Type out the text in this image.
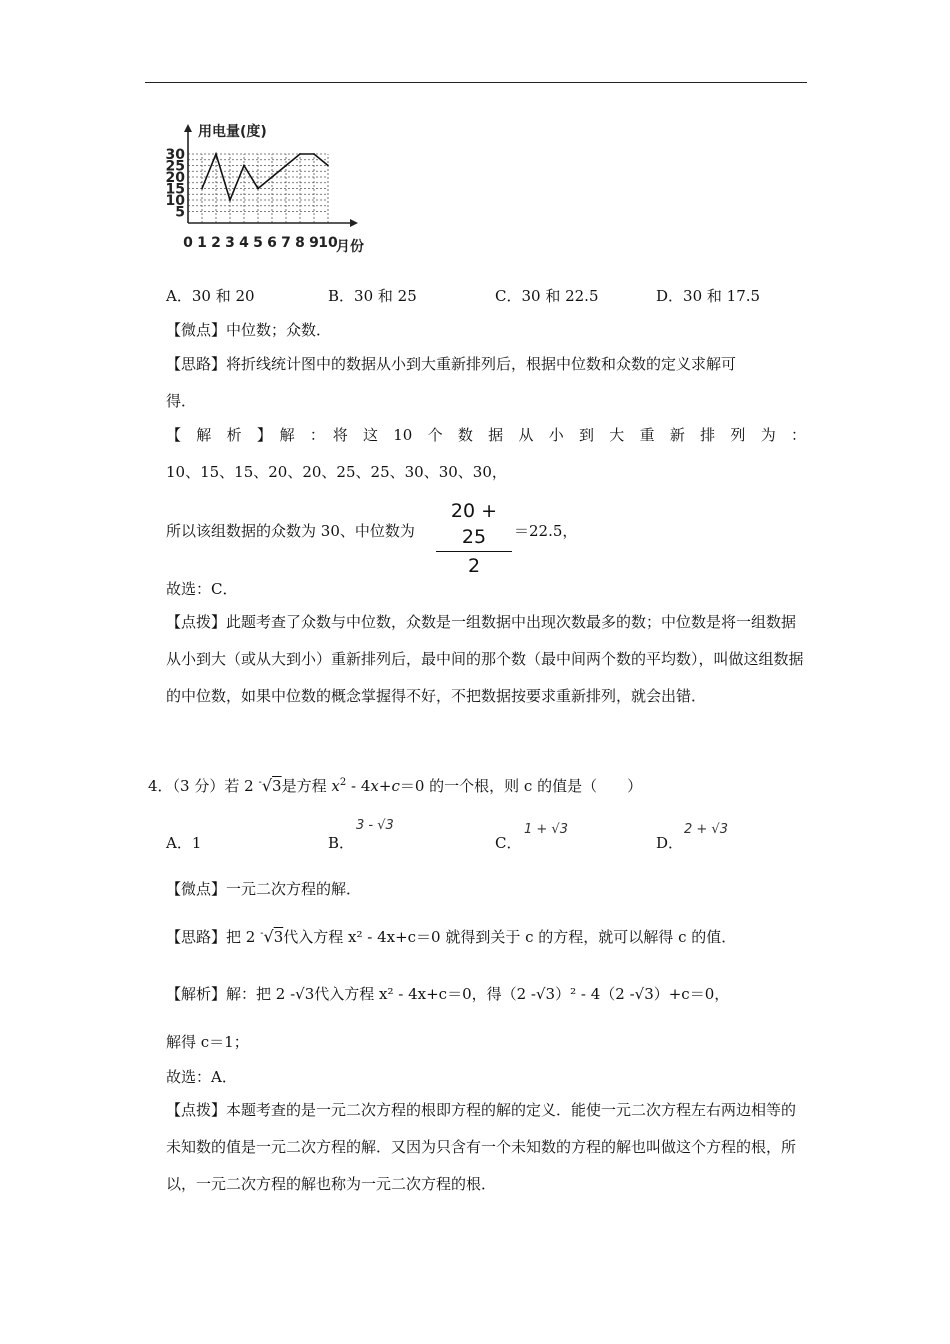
0 1 2 3 4 5 6 7 8 9 10
5
10
15
20
25
30
用电量(度)
月份
A．30 和 20	B．30 和 25	C．30 和 22.5	D．30 和 17.5
【微点】中位数；众数．
【思路】将折线统计图中的数据从小到大重新排列后，根据中位数和众数的定义求解可
得．
【　解　析　】　解　：　将　这　10　个　数　据　从　小　到　大　重　新　排　列　为　：
10、15、15、20、20、25、25、30、30、30，
所以该组数据的众数为 30、中位数为
20 + 25
2
＝22.5，
故选：C．
【点拨】此题考查了众数与中位数，众数是一组数据中出现次数最多的数；中位数是将一组数据从小到大（或从大到小）重新排列后，最中间的那个数（最中间两个数的平均数），叫做这组数据的中位数，如果中位数的概念掌握得不好，不把数据按要求重新排列，就会出错．
4．（3 分）若 2 -√3是方程 $x^2 - 4x+c=0$ 的一个根，则 c 的值是（　　）
A．1	B．
3 - √3
C．
1 + √3
D．
2 + √3
【微点】一元二次方程的解．
【思路】把 2 -√3代入方程 x² - 4x+c＝0 就得到关于 c 的方程，就可以解得 c 的值．
【解析】解：把 2 -√3代入方程 x² - 4x+c＝0，得（2 -√3）² - 4（2 -√3）+c＝0，
解得 c＝1；
故选：A．
【点拨】本题考查的是一元二次方程的根即方程的解的定义．能使一元二次方程左右两边相等的未知数的值是一元二次方程的解．又因为只含有一个未知数的方程的解也叫做这个方程的根，所以，一元二次方程的解也称为一元二次方程的根．
